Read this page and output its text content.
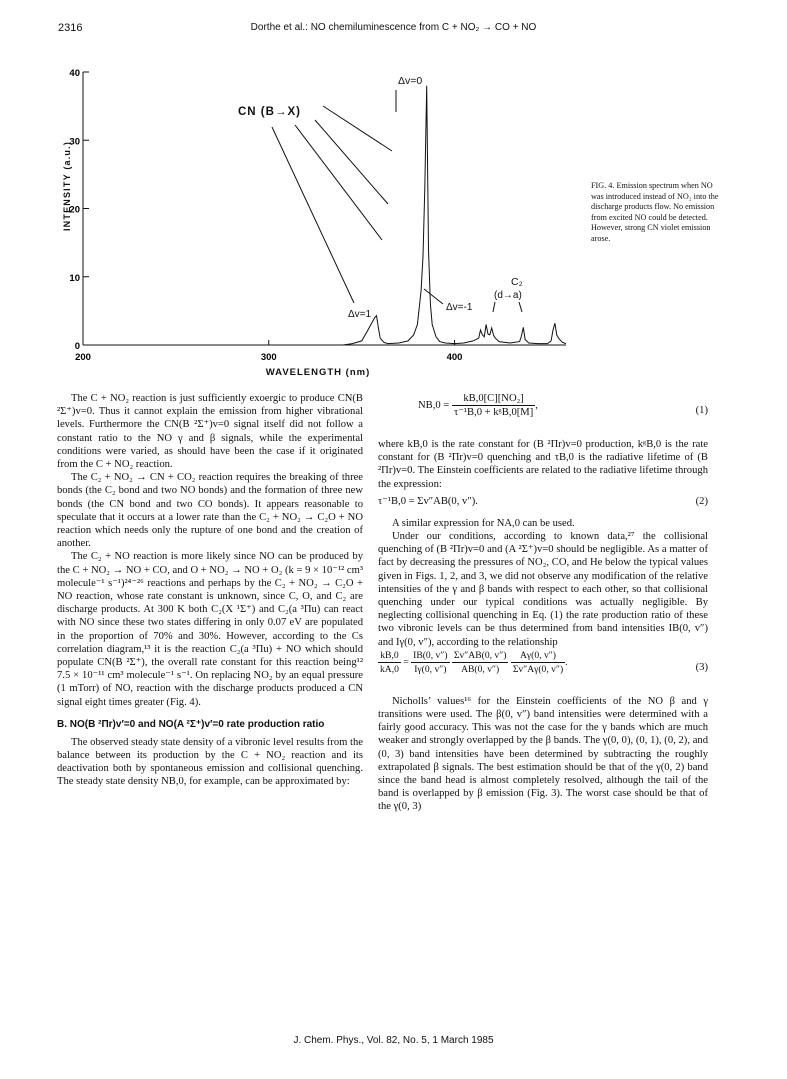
2316	Dorthe et al.: NO chemiluminescence from C + NO₂ → CO + NO
0
10
20
30
40
200	300	400
INTENSITY (a.u.)
WAVELENGTH (nm)
Δv=0
CN (B→X)
Δv=1
Δv=-1
C₂
(d→a)
FIG. 4. Emission spectrum when NO was introduced instead of NO₂ into the discharge products flow. No emission from excited NO could be detected. However, strong CN violet emission arose.

The C + NO₂ reaction is just sufficiently exoergic to produce CN(B ²Σ⁺)v=0. Thus it cannot explain the emission from higher vibrational levels. Furthermore the CN(B ²Σ⁺)v=0 signal itself did not follow a constant ratio to the NO γ and β signals, while the experimental conditions were varied, as should have been the case if it originated from the C + NO₂ reaction.

The C₂ + NO₂ → CN + CO₂ reaction requires the breaking of three bonds (the C₂ bond and two NO bonds) and the formation of three new bonds (the CN bond and two CO bonds). It appears reasonable to speculate that it occurs at a lower rate than the C₂ + NO₂ → C₂O + NO reaction which needs only the rupture of one bond and the creation of another.

The C₂ + NO reaction is more likely since NO can be produced by the C + NO₂ → NO + CO, and O + NO₂ → NO + O₂ (k = 9 × 10⁻¹² cm³ molecule⁻¹ s⁻¹)²⁴⁻²⁶ reactions and perhaps by the C₂ + NO₂ → C₂O + NO reaction, whose rate constant is unknown, since C, O, and C₂ are discharge products. At 300 K both C₂(X ¹Σ⁺) and C₂(a ³Πu) can react with NO since these two states differing in only 0.07 eV are populated in the proportion of 70% and 30%. However, according to the Cs correlation diagram,¹³ it is the reaction C₂(a ³Πu) + NO which should populate CN(B ²Σ⁺), the overall rate constant for this reaction being¹² 7.5 × 10⁻¹¹ cm³ molecule⁻¹ s⁻¹. On replacing NO₂ by an equal pressure (1 mTorr) of NO, reaction with the discharge products produced a CN signal eight times greater (Fig. 4).

B. NO(B ²Πr)v′=0 and NO(A ²Σ⁺)v′=0 rate production ratio

The observed steady state density of a vibronic level results from the balance between its production by the C + NO₂ reaction and its deactivation both by spontaneous emission and collisional quenching. The steady state density NB,0, for example, can be approximated by:

$NB,0 = \frac{\text{kB,0[C][NO₂]}}{\text{τ⁻¹B,0 + kᵍB,0[M]}}$ ,	(1)

where kB,0 is the rate constant for (B ²Πr)v=0 production, kᵍB,0 is the rate constant for (B ²Πr)v=0 quenching and τB,0 is the radiative lifetime of (B ²Πr)v=0. The Einstein coefficients are related to the radiative lifetime through the expression:

τ⁻¹B,0 = Σv″AB(0, v″).	(2)

A similar expression for NA,0 can be used.

Under our conditions, according to known data,²⁷ the collisional quenching of (B ²Πr)v=0 and (A ²Σ⁺)v=0 should be negligible. As a matter of fact by decreasing the pressures of NO₂, CO, and He below the typical values given in Figs. 1, 2, and 3, we did not observe any modification of the relative intensities of the γ and β bands with respect to each other, so that collisional quenching under our typical conditions was actually negligible. By neglecting collisional quenching in Eq. (1) the rate production ratio of these two vibronic levels can be thus determined from band intensities IB(0, v″) and Iγ(0, v″), according to the relationship

$\frac{kB,0}{kA,0} = \frac{IB(0, v'')}{I\gamma(0, v'')}$
$\frac{\Sigma v''AB(0, v'')}{AB(0, v'')}$
$\frac{A\gamma(0, v'')}{\Sigma v''A\gamma(0, v'')}$ .	(3)

Nicholls’ values¹⁶ for the Einstein coefficients of the NO β and γ transitions were used. The β(0, v″) band intensities were determined with a fairly good accuracy. This was not the case for the γ bands which are much weaker and strongly overlapped by the β bands. The γ(0, 0), (0, 1), (0, 2), and (0, 3) band intensities have been determined by subtracting the roughly extrapolated β signals. The best estimation should be that of the γ(0, 2) band since the band head is almost completely resolved, although the tail of the band is overlapped by β emission (Fig. 3). The worst case should be that of the γ(0, 3)

J. Chem. Phys., Vol. 82, No. 5, 1 March 1985
